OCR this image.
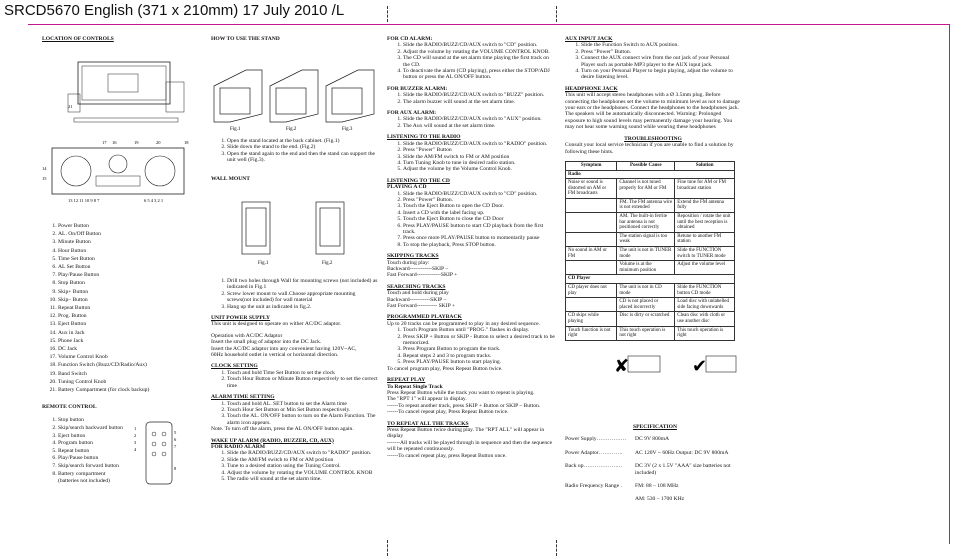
SRCD5670 English (371 x 210mm) 17 July 2010 /L

LOCATION OF CONTROLS

21
17 16	19	20	18
14
15
13 12 11 10 9 8 7	6 5 4 3 2 1
1. Power Button
2. AL. On/Off Button
3. Minute Button
4. Hour Button
5. Time Set Button
6. AL Set Button
7. Play/Pause Button
8. Stop Button
9. Skip+ Button
10. Skip– Button
11. Repeat Button
12. Prog. Button
13. Eject Button
14. Aux in Jack
15. Phone Jack
16. DC Jack
17. Volume Control Knob
18. Function Switch (Buzz/CD/Radio/Aux)
19. Band Switch
20. Tuning Control Knob
21. Battery Compartment (for clock backup)

REMOTE CONTROL

1. Stop button
2. Skip/search backward button
3. Eject button
4. Program button
5. Repeat button
6. Play/Pause button
7. Skip/search forward button
8. Battery compartment

(batteries not included)

1
2
3
4
5
6
7
8

HOW TO USE THE STAND

Fig.1	Fig.2	Fig.3
1. Open the stand located at the back cabinet. (Fig.1)
2. Slide down the stand to the end. (Fig.2)
3. Open the stand again to the end and then the stand can support the unit well (Fig.3).

WALL MOUNT

Fig.1	Fig.2
1. Drill two holes through Wall for mounting screws (not included) as indicated in Fig.1
2. Screw lower mount to wall.Choose appropriate mounting screws(not included) for wall material
3. Hang up the unit as indicated in fig.2.

UNIT POWER SUPPLY

This unit is designed to operate on wither AC/DC adaptor.

Operation with AC/DC Adaptor

Insert the small plug of adaptor into the DC Jack.

Insert the AC/DC adaptor into any convenient having 120V~AC,

60Hz household outlet in vertical or horizontal direction.

CLOCK SETTING

1. Touch and hold Time Set Button to set the clock
2. Touch Hour Button or Minute Button respectively to set the correct time

ALARM TIME SETTING

1. Touch and hold AL. SET button to set the Alarm time
2. Touch Hour Set Button or Min Set Button respectively.
3. Touch the AL. ON/OFF button to turn on the Alarm Function. The alarm icon appears.

Note. To turn off the alarm, press the AL ON/OFF button again.

WAKE UP ALARM (RADIO, BUZZER, CD, AUX)

FOR RADIO ALARM

1. Slide the RADIO/BUZZ/CD/AUX switch to "RADIO" position.
2. Slide the AM/FM switch to FM or AM position
3. Tune to a desired station using the Tuning Control.
4. Adjust the volume by rotating the VOLUME CONTROL KNOB
5. The radio will sound at the set alarm time.

FOR CD ALARM:

1. Slide the RADIO/BUZZ/CD/AUX switch to "CD" position.
2. Adjust the volume by rotating the VOLUME CONTROL KNOB.
3. The CD will sound at the set alarm time playing the first track on the CD.
4. To deactivate the alarm (CD playing), press either the STOP/ADJ button or press the AL ON/OFF button.

FOR BUZZER ALARM:

1. Slide the RADIO/BUZZ/CD/AUX switch to "BUZZ" position.
2. The alarm buzzer will sound at the set alarm time.

FOR AUX ALARM:

1. Slide the RADIO/BUZZ/CD/AUX switch to "AUX" position.
2. The Aux will sound at the set alarm time.

LISTENING TO THE RADIO

1. Slide the RADIO/BUZZ/CD/AUX switch to "RADIO" position.
2. Press "Power" Button
3. Slide the AM/FM switch to FM or AM position
4. Turn Tuning Knob to tune in desired radio station.
5. Adjust the volume by the Volume Control Knob.

LISTENING TO THE CD

PLAYING A CD

1. Slide the RADIO/BUZZ/CD/AUX switch to "CD" position.
2. Press "Power" Button.
3. Touch the Eject Button to open the CD Door.
4. Insert a CD with the label facing up.
5. Touch the Eject Button to close the CD Door
6. Press PLAY/PAUSE button to start CD playback from the first track.
7. Press once more PLAY/PAUSE button to momentarily pause
8. To stop the playback, Press STOP button.

SKIPPING TRACKS

Touch during play:

Backward------------SKIP –

Fast Forward-------------SKIP +

SEARCHING TRACKS

Touch and hold during play

Backward-----------SKIP –

Fast Forward----------- SKIP +

PROGRAMMED PLAYBACK

Up to 20 tracks can be programmed to play in any desired sequence.

1. Touch Program Button until "PROG." flashes in display.
2. Press SKIP + Button or SKIP - Button to select a desired track to be memorized.
3. Press Program Button to program the track.
4. Repeat steps 2 and 3 to program tracks.
5. Press PLAY/PAUSE button to start playing.

To cancel program play, Press Repeat Button twice.

REPEAT PLAY

To Repeat Single Track

Press Repeat Button while the track you want to repeat is playing.

The "RPT 1" will appear in display.

------To repeat another track, press SKIP + Button or SKIP – Button.

------To cancel repeat play, Press Repeat Button twice.

TO REPEAT ALL THE TRACKS

Press Repeat Button twice during play. The "RPT ALL" will appear in display

-------All tracks will be played through in sequence and then the sequence will be repeated continuously.

------To cancel repeat play, press Repeat Button once.

AUX INPUT JACK

1. Slide the Function Switch to AUX position.
2. Press "Power" Button.
3. Connect the AUX connect wire from the out jack of your Personal Player such as portable MP3 player to the AUX input jack.
4. Turn on your Personal Player to begin playing, adjust the volume to desire listening level.

HEADPHONE JACK

This unit will accept stereo headphones with a Ø 3.5mm plug. Before connecting the headphones set the volume to minimum level as not to damage your ears or the headphones. Connect the headphones to the headphones jack. The speakers will be automatically disconnected. Warning: Prolonged exposure to high sound levels may permanently damage your hearing. You may not hear some warning sound while wearing these headphones

TROUBLESHOOTING

Consult your local service technician if you are unable to find a solution by following these hints.

Symptom	Possible Cause	Solution
Radio		
Noise or sound is distorted on AM or FM broadcasts	Channel is not tuned properly for AM or FM	Fine tune for AM or FM broadcast station
	FM. The FM antenna wire is not extended	Extend the FM antenna fully
	AM. The built-in ferrite bar antenna is not positioned correctly	Reposition / rotate the unit until the best reception is obtained
	The station signal is too weak	Retune to another FM station
No sound in AM or FM	The unit is not in TUNER mode	Slide the FUNCTION switch to TUNER mode
	Volume is at the minimum position	Adjust the volume level
CD Player		
CD player does not play	The unit is not in CD mode	Slide the FUNCTION button CD mode
	CD is not placed or placed incorrectly	Load disc with unlabelled side facing downwards
CD skips while playing	Disc is dirty or scratched	Clean disc with cloth or use another disc
Touch function is not right	This touch operation is not right	This touch operation is right
✘	✔

SPECIFICATION

Power Supply…………….	DC 9V 800mA
Power Adaptor………….	AC 120V ~ 60Hz Output: DC 9V 800mA
Back up…………………	DC 3V (2 x 1.5V "AAA" size batteries not included)
Radio Frequency Range .	FM: 88 – 108 MHz
AM: 530 – 1700 KHz
